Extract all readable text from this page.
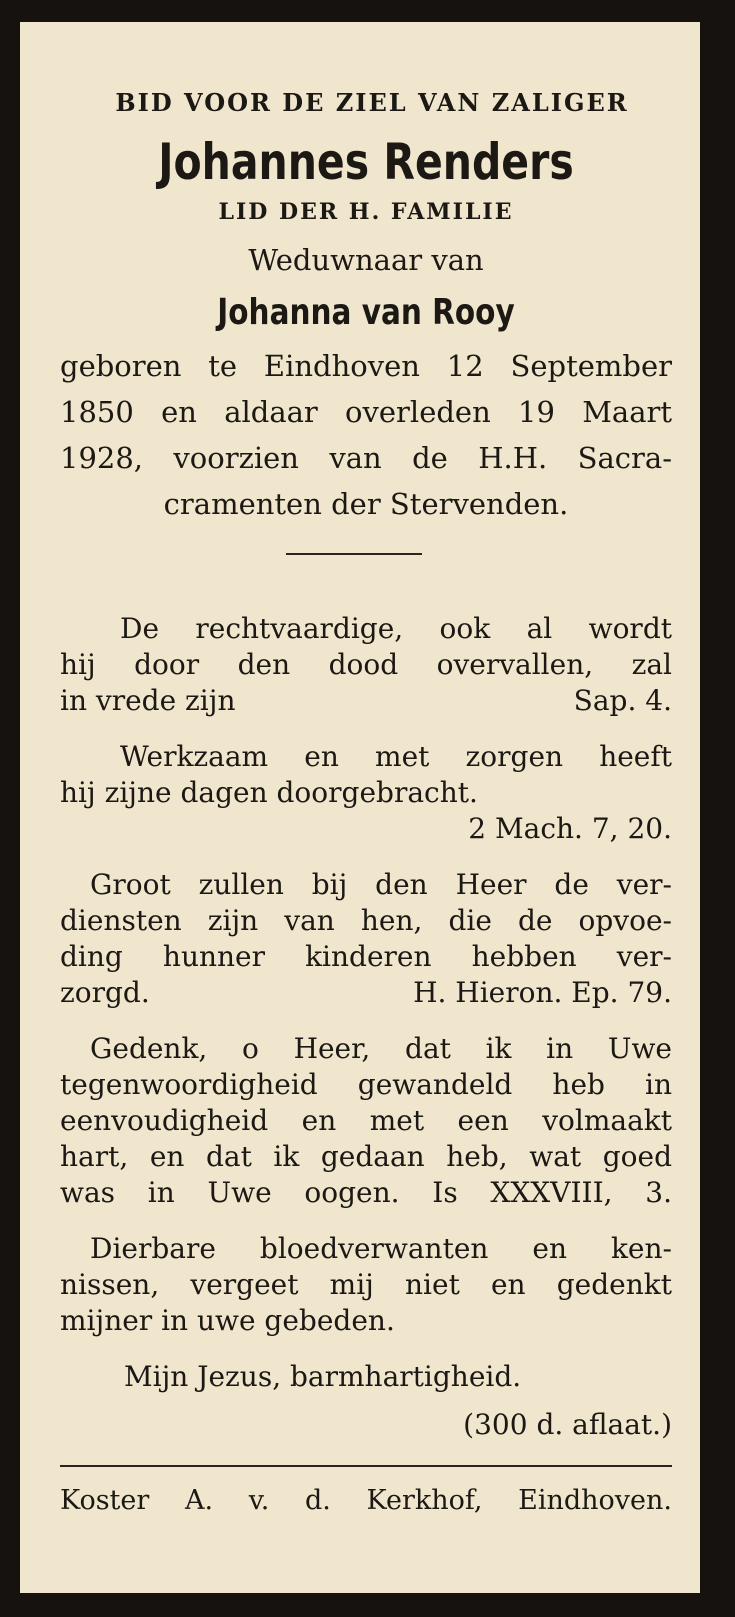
BID VOOR DE ZIEL VAN ZALIGER
Johannes Renders
LID DER H. FAMILIE
Weduwnaar van
Johanna van Rooy
geboren te Eindhoven 12 September
1850 en aldaar overleden 19 Maart
1928, voorzien van de H.H. Sacra-
cramenten der Stervenden.
De rechtvaardige, ook al wordt
hij door den dood overvallen, zal
in vrede zijn	Sap. 4.
Werkzaam en met zorgen heeft
hij zijne dagen doorgebracht.
2 Mach. 7, 20.
Groot zullen bij den Heer de ver-
diensten zijn van hen, die de opvoe-
ding hunner kinderen hebben ver-
zorgd.	H. Hieron. Ep. 79.
Gedenk, o Heer, dat ik in Uwe
tegenwoordigheid gewandeld heb in
eenvoudigheid en met een volmaakt
hart, en dat ik gedaan heb, wat goed
was in Uwe oogen. Is XXXVIII, 3.
Dierbare bloedverwanten en ken-
nissen, vergeet mij niet en gedenkt
mijner in uwe gebeden.
Mijn Jezus, barmhartigheid.
(300 d. aflaat.)
Koster A. v. d. Kerkhof, Eindhoven.
